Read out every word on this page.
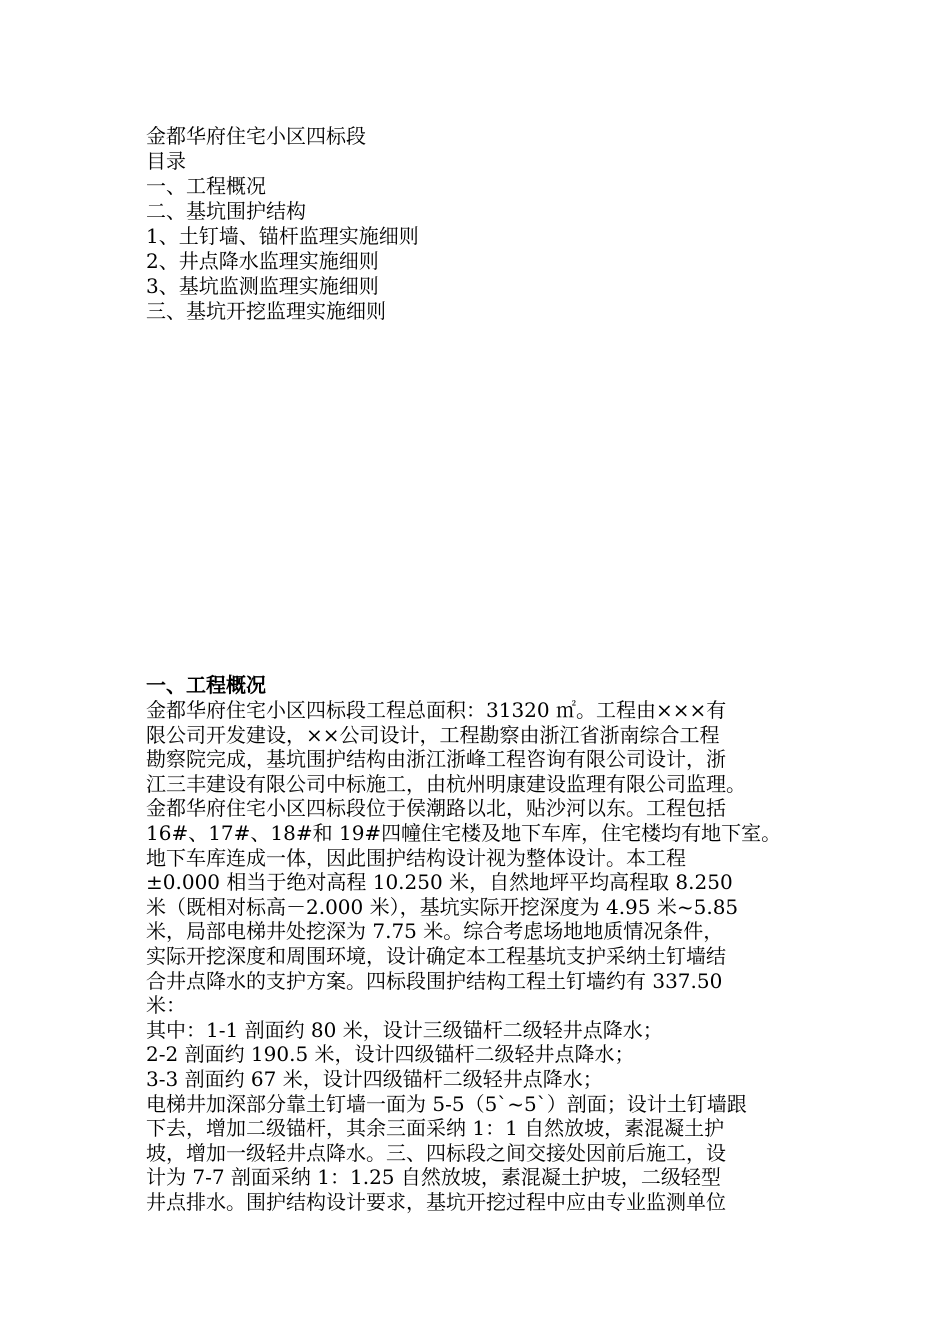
金都华府住宅小区四标段
目录
一、工程概况
二、基坑围护结构
1、土钉墙、锚杆监理实施细则
2、井点降水监理实施细则
3、基坑监测监理实施细则
三、基坑开挖监理实施细则
一、工程概况
金都华府住宅小区四标段工程总面积：31320 ㎡。工程由×××有
限公司开发建设，××公司设计，工程勘察由浙江省浙南综合工程
勘察院完成，基坑围护结构由浙江浙峰工程咨询有限公司设计，浙
江三丰建设有限公司中标施工，由杭州明康建设监理有限公司监理。
金都华府住宅小区四标段位于侯潮路以北，贴沙河以东。工程包括
16#、17#、18#和 19#四幢住宅楼及地下车库，住宅楼均有地下室。
地下车库连成一体，因此围护结构设计视为整体设计。本工程
±0.000 相当于绝对高程 10.250 米，自然地坪平均高程取 8.250
米（既相对标高－2.000 米），基坑实际开挖深度为 4.95 米~5.85
米，局部电梯井处挖深为 7.75 米。综合考虑场地地质情况条件，
实际开挖深度和周围环境，设计确定本工程基坑支护采纳土钉墙结
合井点降水的支护方案。四标段围护结构工程土钉墙约有 337.50
米：
其中：1-1 剖面约 80 米，设计三级锚杆二级轻井点降水；
2-2 剖面约 190.5 米，设计四级锚杆二级轻井点降水；
3-3 剖面约 67 米，设计四级锚杆二级轻井点降水；
电梯井加深部分靠土钉墙一面为 5-5（5`~5`）剖面；设计土钉墙跟
下去，增加二级锚杆，其余三面采纳 1：1 自然放坡，素混凝土护
坡，增加一级轻井点降水。三、四标段之间交接处因前后施工，设
计为 7-7 剖面采纳 1：1.25 自然放坡，素混凝土护坡，二级轻型
井点排水。围护结构设计要求，基坑开挖过程中应由专业监测单位
